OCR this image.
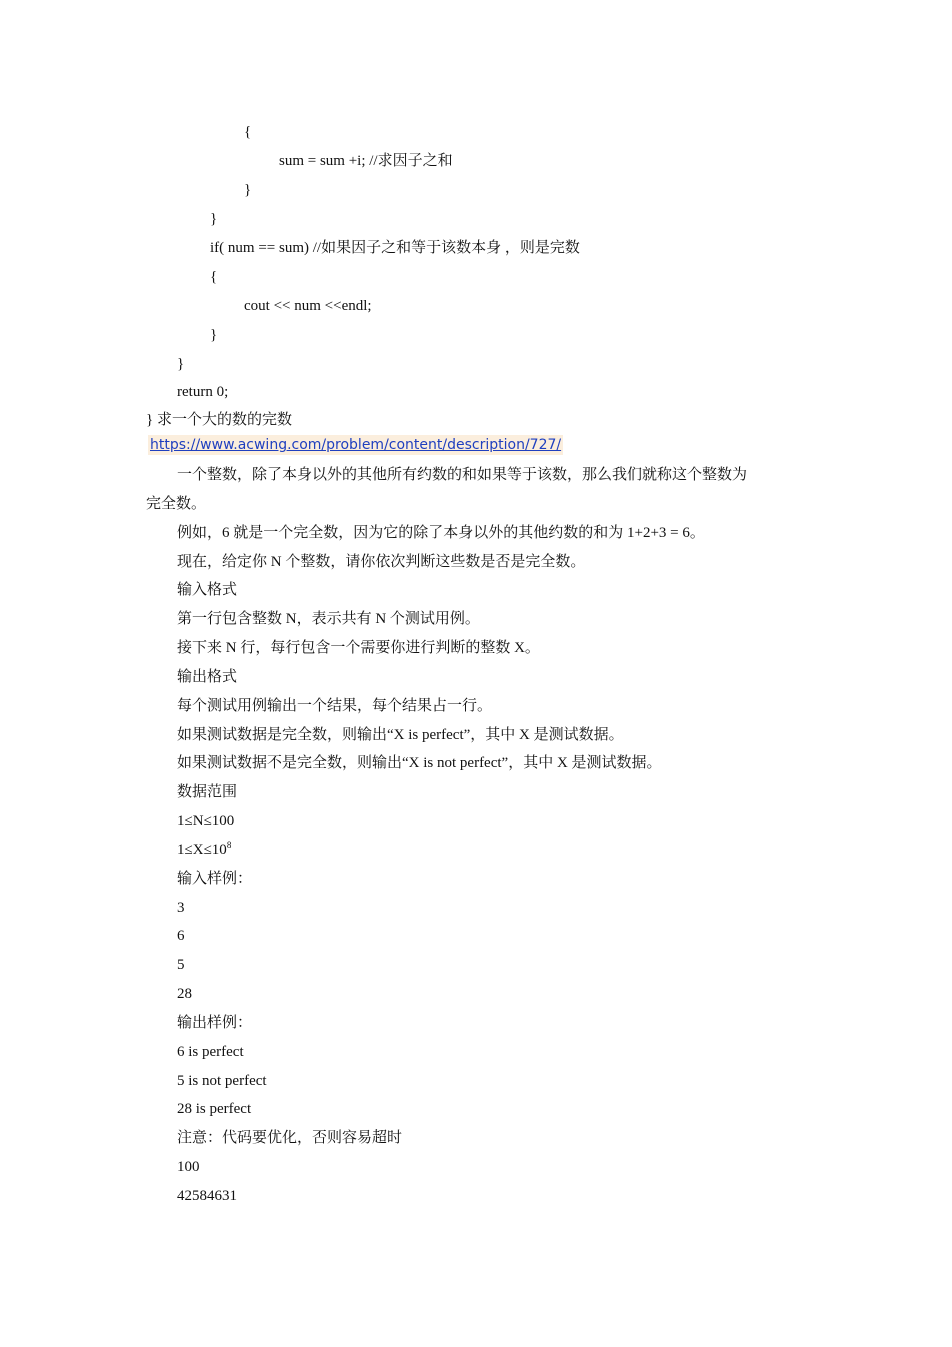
{
sum = sum +i; //求因子之和
}
}
if( num == sum) //如果因子之和等于该数本身 ，则是完数
{
cout << num <<endl;
}
}
return 0;
} 求一个大的数的完数
https://www.acwing.com/problem/content/description/727/
一个整数，除了本身以外的其他所有约数的和如果等于该数，那么我们就称这个整数为
完全数。
例如，6 就是一个完全数，因为它的除了本身以外的其他约数的和为 1+2+3 = 6。
现在，给定你 N 个整数，请你依次判断这些数是否是完全数。
输入格式
第一行包含整数 N，表示共有 N 个测试用例。
接下来 N 行，每行包含一个需要你进行判断的整数 X。
输出格式
每个测试用例输出一个结果，每个结果占一行。
如果测试数据是完全数，则输出“X is perfect”，其中 X 是测试数据。
如果测试数据不是完全数，则输出“X is not perfect”，其中 X 是测试数据。
数据范围
1≤N≤100
$1\le X\le 10^8$
输入样例：
3
6
5
28
输出样例：
6 is perfect
5 is not perfect
28 is perfect
注意：代码要优化，否则容易超时
100
42584631
